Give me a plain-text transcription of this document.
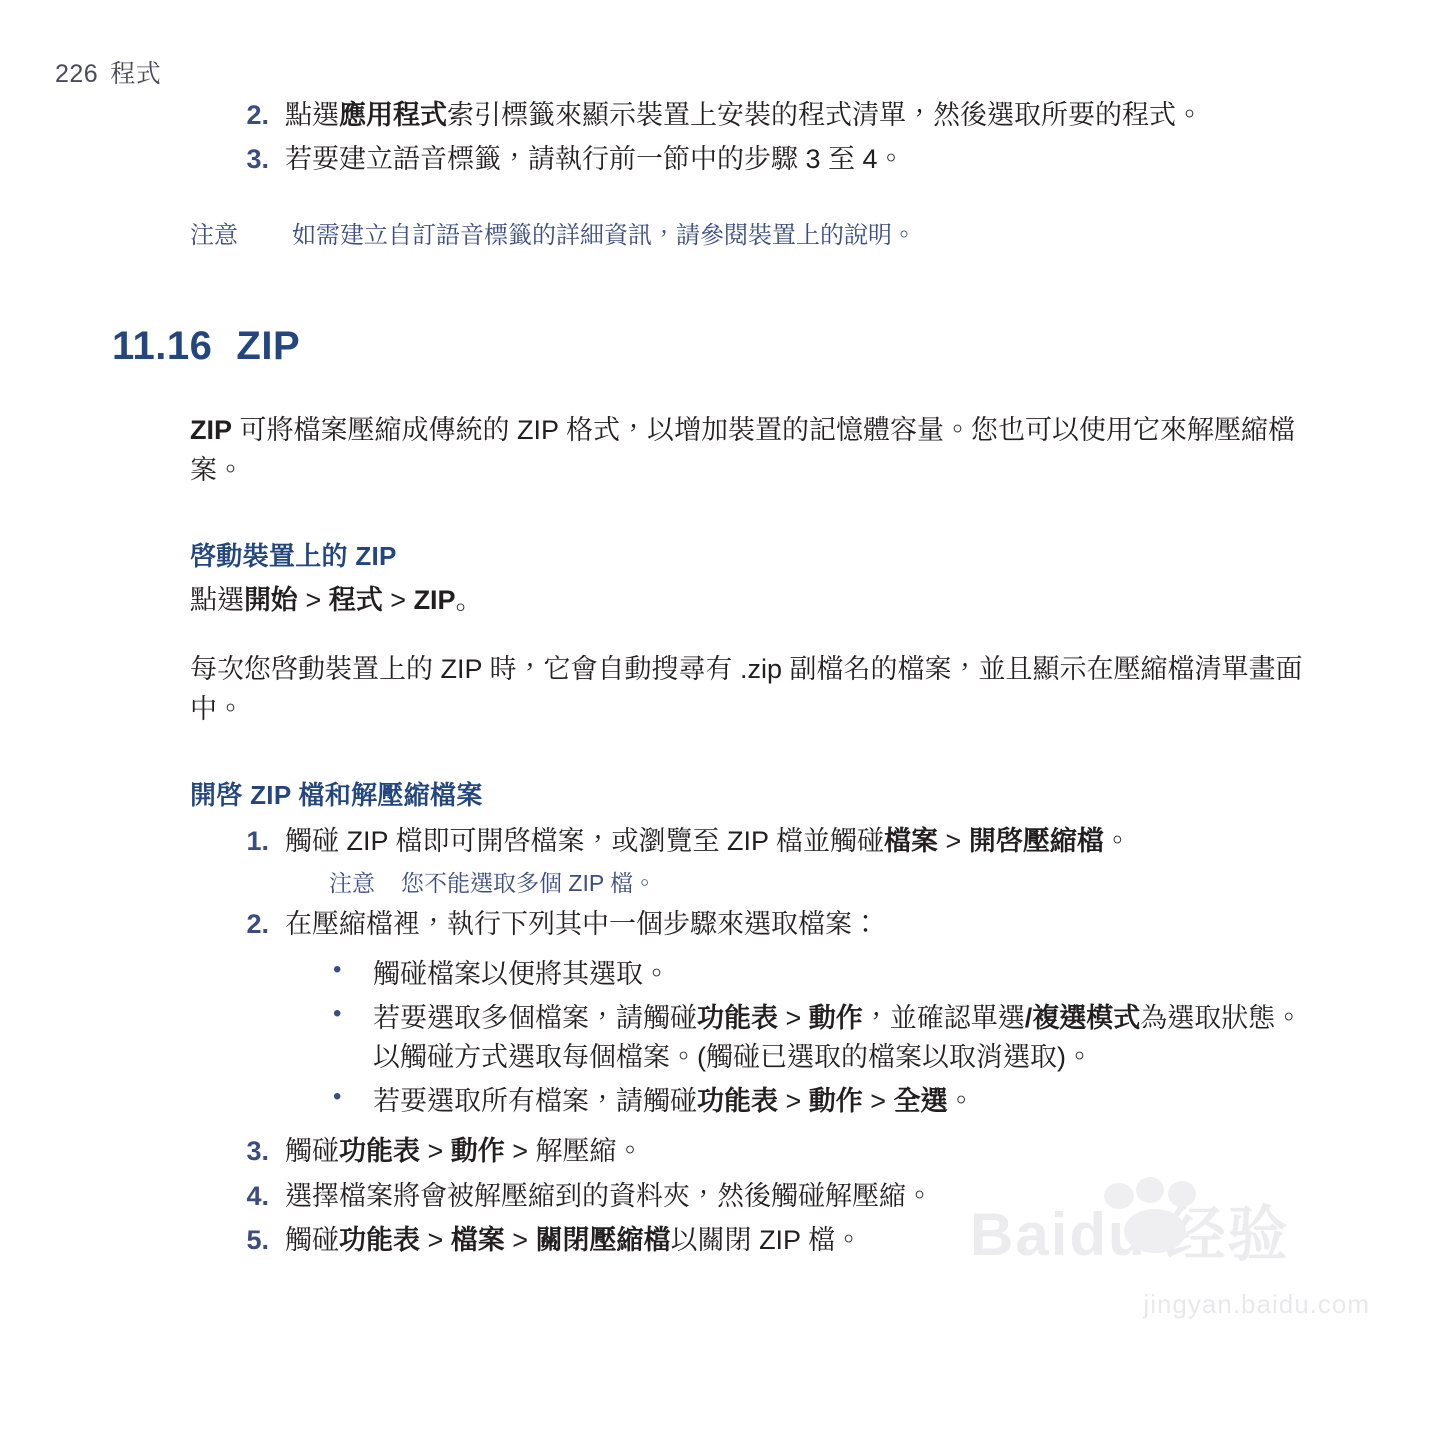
226 程式
2. 點選應用程式索引標籤來顯示裝置上安裝的程式清單，然後選取所要的程式。
3. 若要建立語音標籤，請執行前一節中的步驟 3 至 4。
注意 如需建立自訂語音標籤的詳細資訊，請參閱裝置上的說明。
11.16 ZIP
ZIP 可將檔案壓縮成傳統的 ZIP 格式，以增加裝置的記憶體容量。您也可以使用它來解壓縮檔案。
啓動裝置上的 ZIP
點選開始 > 程式 > ZIP。
每次您啓動裝置上的 ZIP 時，它會自動搜尋有 .zip 副檔名的檔案，並且顯示在壓縮檔清單畫面中。
開啓 ZIP 檔和解壓縮檔案
1. 觸碰 ZIP 檔即可開啓檔案，或瀏覽至 ZIP 檔並觸碰檔案 > 開啓壓縮檔。
注意 您不能選取多個 ZIP 檔。
2. 在壓縮檔裡，執行下列其中一個步驟來選取檔案：
• 觸碰檔案以便將其選取。
• 若要選取多個檔案，請觸碰功能表 > 動作，並確認單選/複選模式為選取狀態。以觸碰方式選取每個檔案。(觸碰已選取的檔案以取消選取)。
• 若要選取所有檔案，請觸碰功能表 > 動作 > 全選。
3. 觸碰功能表 > 動作 > 解壓縮。
4. 選擇檔案將會被解壓縮到的資料夾，然後觸碰解壓縮。
5. 觸碰功能表 > 檔案 > 關閉壓縮檔以關閉 ZIP 檔。	Baidu 经验
jingyan.baidu.com
